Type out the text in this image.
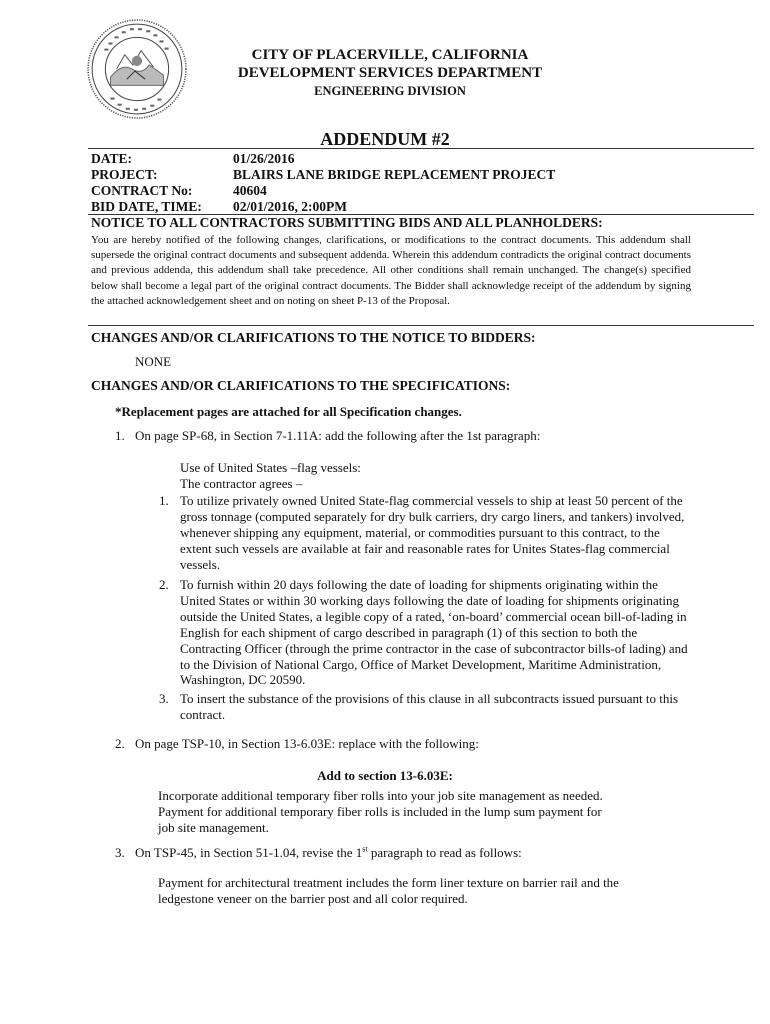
CITY OF PLACERVILLE, CALIFORNIA
DEVELOPMENT SERVICES DEPARTMENT
ENGINEERING DIVISION
ADDENDUM #2
DATE:	01/26/2016
PROJECT:	BLAIRS LANE BRIDGE REPLACEMENT PROJECT
CONTRACT No:	40604
BID DATE, TIME: 02/01/2016, 2:00PM
NOTICE TO ALL CONTRACTORS SUBMITTING BIDS AND ALL PLANHOLDERS:
You are hereby notified of the following changes, clarifications, or modifications to the contract documents. This addendum shall supersede the original contract documents and subsequent addenda. Wherein this addendum contradicts the original contract documents and previous addenda, this addendum shall take precedence. All other conditions shall remain unchanged. The change(s) specified below shall become a legal part of the original contract documents. The Bidder shall acknowledge receipt of the addendum by signing the attached acknowledgement sheet and on noting on sheet P-13 of the Proposal.
CHANGES AND/OR CLARIFICATIONS TO THE NOTICE TO BIDDERS:
NONE
CHANGES AND/OR CLARIFICATIONS TO THE SPECIFICATIONS:
*Replacement pages are attached for all Specification changes.
1. On page SP-68, in Section 7-1.11A: add the following after the 1st paragraph:
Use of United States –flag vessels:
The contractor agrees –
1. To utilize privately owned United State-flag commercial vessels to ship at least 50 percent of the gross tonnage (computed separately for dry bulk carriers, dry cargo liners, and tankers) involved, whenever shipping any equipment, material, or commodities pursuant to this contract, to the extent such vessels are available at fair and reasonable rates for Unites States-flag commercial vessels.
2. To furnish within 20 days following the date of loading for shipments originating within the United States or within 30 working days following the date of loading for shipments originating outside the United States, a legible copy of a rated, ‘on-board’ commercial ocean bill-of-lading in English for each shipment of cargo described in paragraph (1) of this section to both the Contracting Officer (through the prime contractor in the case of subcontractor bills-of lading) and to the Division of National Cargo, Office of Market Development, Maritime Administration, Washington, DC 20590.
3. To insert the substance of the provisions of this clause in all subcontracts issued pursuant to this contract.
2. On page TSP-10, in Section 13-6.03E: replace with the following:
Add to section 13-6.03E:
Incorporate additional temporary fiber rolls into your job site management as needed. Payment for additional temporary fiber rolls is included in the lump sum payment for job site management.
3. On TSP-45, in Section 51-1.04, revise the 1st paragraph to read as follows:
Payment for architectural treatment includes the form liner texture on barrier rail and the ledgestone veneer on the barrier post and all color required.
